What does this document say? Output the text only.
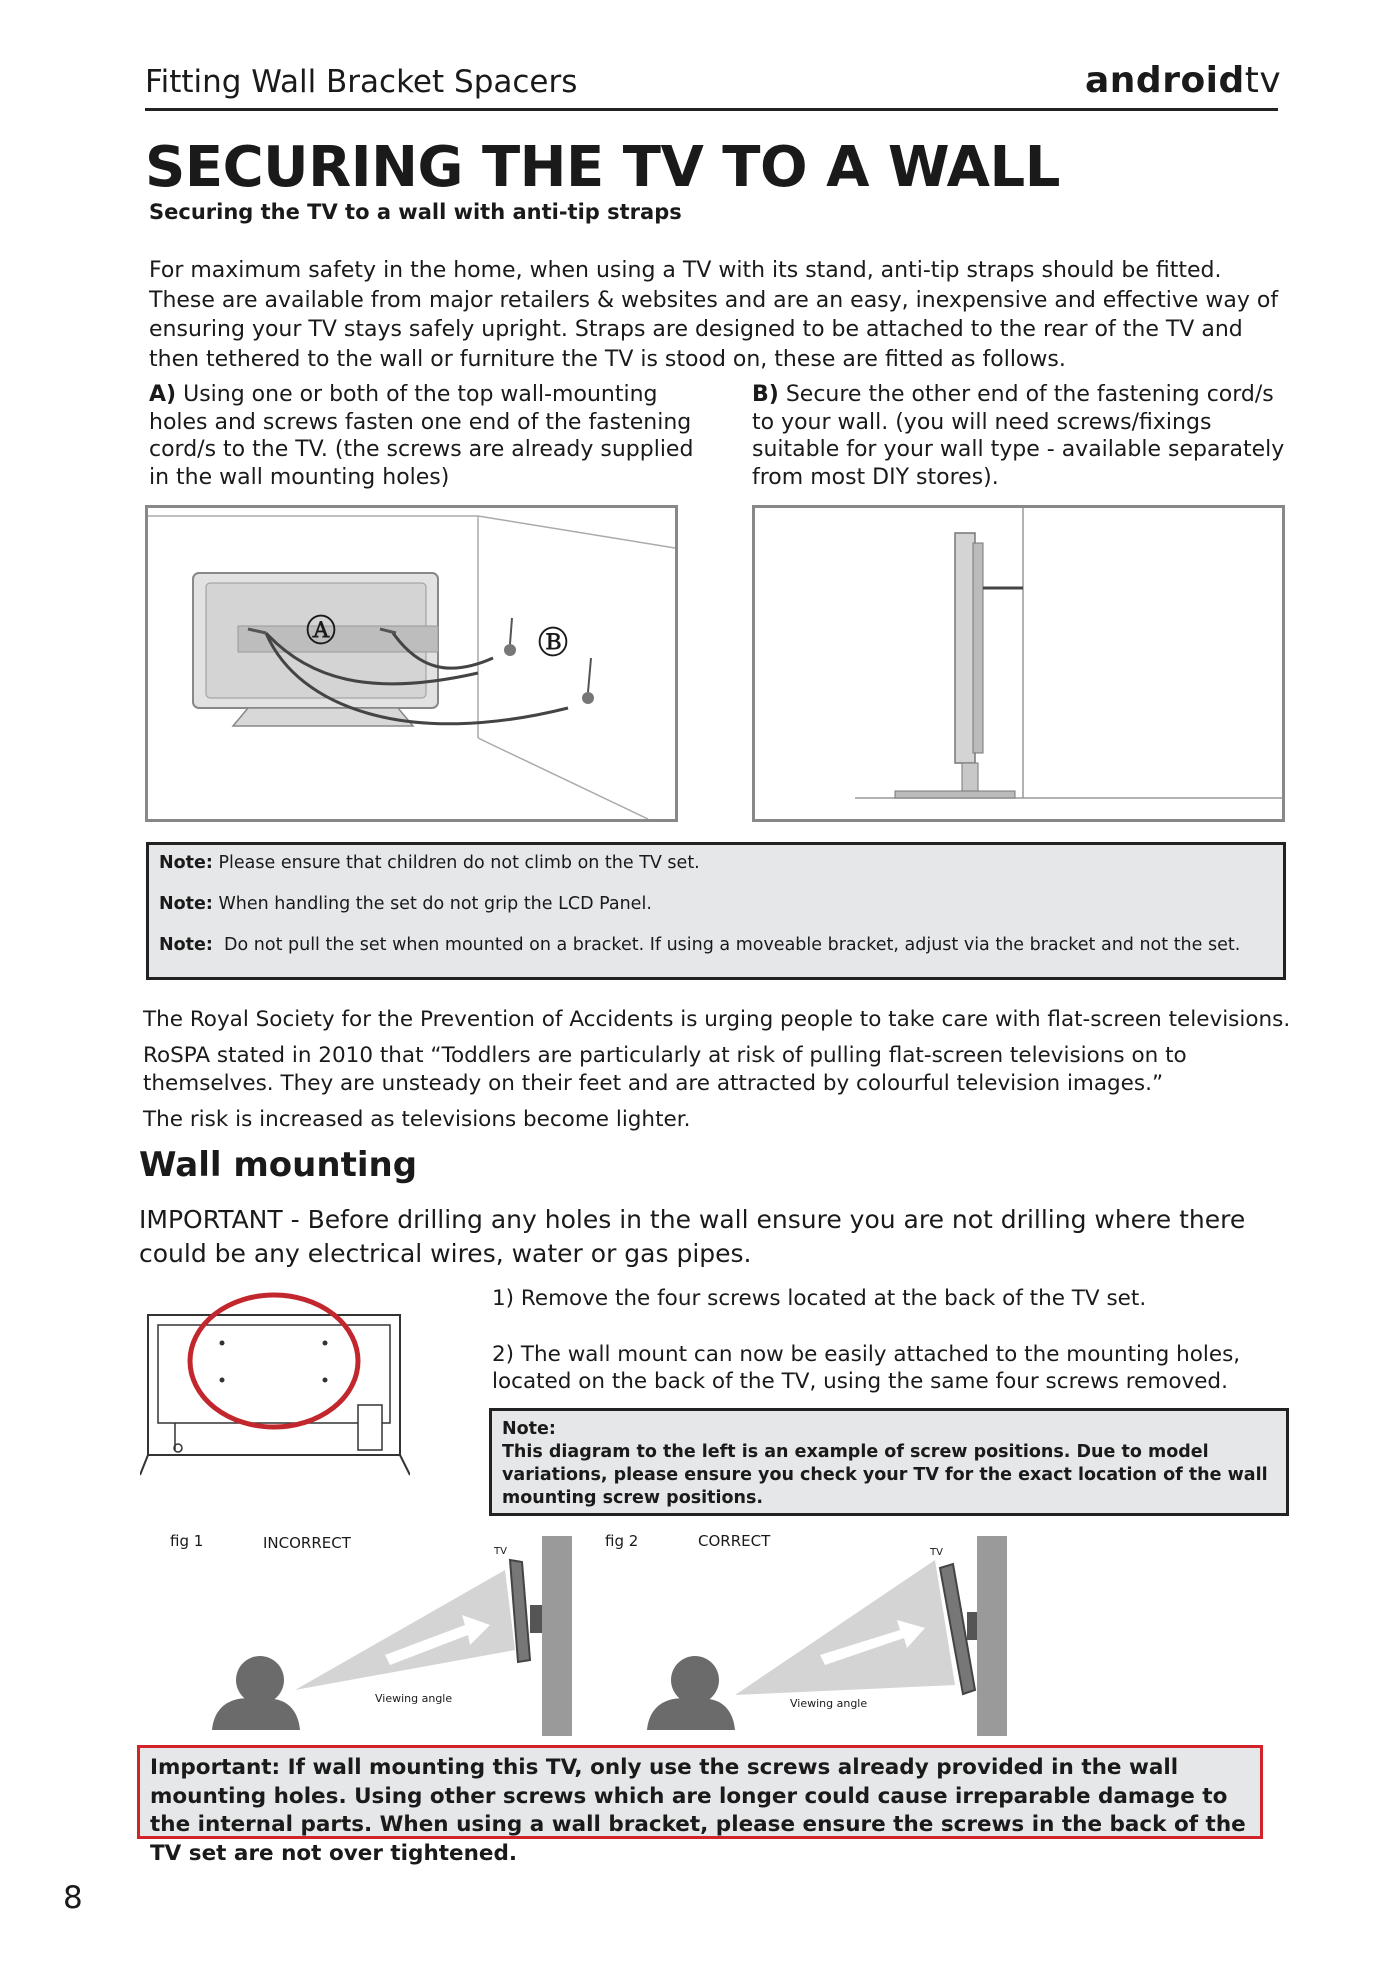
Fitting Wall Bracket Spacers	androidtv
SECURING THE TV TO A WALL
Securing the TV to a wall with anti-tip straps
For maximum safety in the home, when using a TV with its stand, anti-tip straps should be fitted. These are available from major retailers & websites and are an easy, inexpensive and effective way of ensuring your TV stays safely upright. Straps are designed to be attached to the rear of the TV and then tethered to the wall or furniture the TV is stood on, these are fitted as follows.
A) Using one or both of the top wall-mounting holes and screws fasten one end of the fastening cord/s to the TV. (the screws are already supplied in the wall mounting holes)
B) Secure the other end of the fastening cord/s to your wall. (you will need screws/fixings suitable for your wall type - available separately from most DIY stores).
Ⓐ	Ⓑ

Note: Please ensure that children do not climb on the TV set.

Note: When handling the set do not grip the LCD Panel.

Note:  Do not pull the set when mounted on a bracket. If using a moveable bracket, adjust via the bracket and not the set.

The Royal Society for the Prevention of Accidents is urging people to take care with flat-screen televisions.
RoSPA stated in 2010 that “Toddlers are particularly at risk of pulling flat-screen televisions on to themselves. They are unsteady on their feet and are attracted by colourful television images.”
The risk is increased as televisions become lighter.
Wall mounting
IMPORTANT - Before drilling any holes in the wall ensure you are not drilling where there could be any electrical wires, water or gas pipes.
1) Remove the four screws located at the back of the TV set.
2) The wall mount can now be easily attached to the mounting holes, located on the back of the TV, using the same four screws removed.
Note:
This diagram to the left is an example of screw positions. Due to model variations, please ensure you check your TV for the exact location of the wall mounting screw positions.
fig 1	INCORRECT	TV
Viewing angle
fig 2	CORRECT
TV
Viewing angle
Important: If wall mounting this TV, only use the screws already provided in the wall mounting holes. Using other screws which are longer could cause irreparable damage to the internal parts. When using a wall bracket, please ensure the screws in the back of the TV set are not over tightened.
8
